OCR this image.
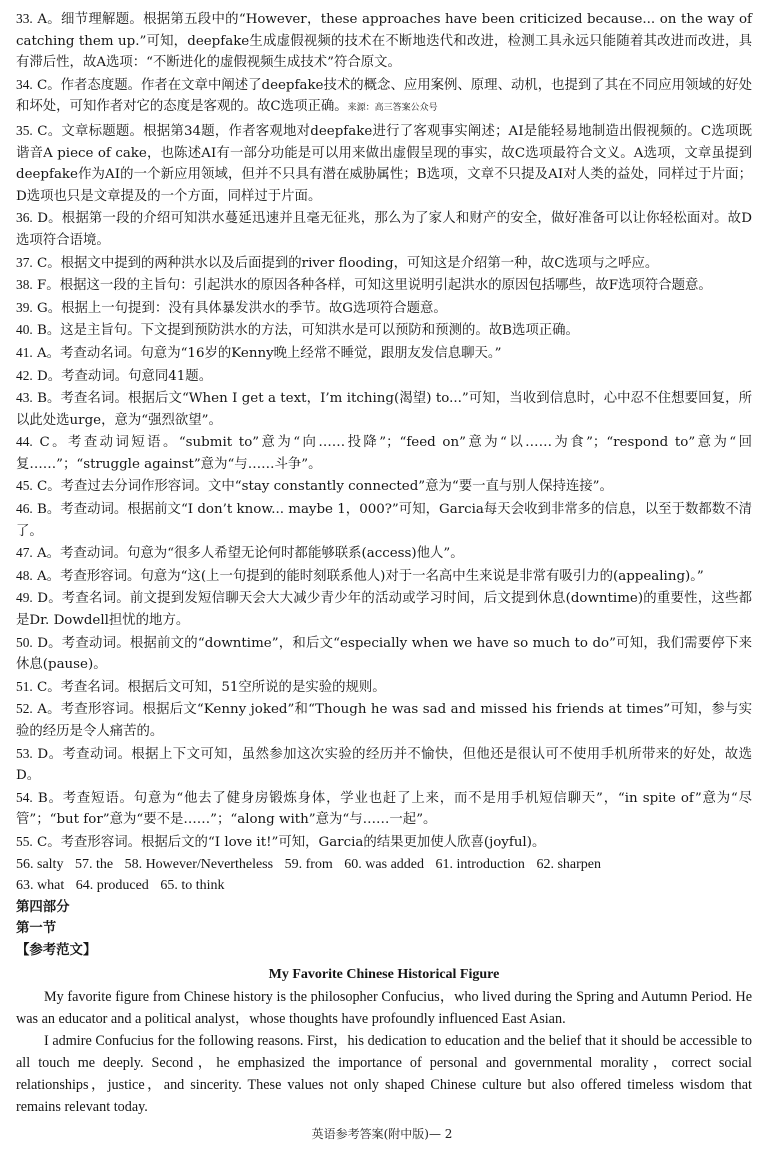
33. A。细节理解题。根据第五段中的“However，these approaches have been criticized because... on the way of catching them up.”可知，deepfake生成虚假视频的技术在不断地迭代和改进，检测工具永远只能随着其改进而改进，具有滞后性，故A选项：“不断进化的虚假视频生成技术”符合原文。

34. C。作者态度题。作者在文章中阐述了deepfake技术的概念、应用案例、原理、动机，也提到了其在不同应用领域的好处和坏处，可知作者对它的态度是客观的。故C选项正确。来源：高三答案公众号

35. C。文章标题题。根据第34题，作者客观地对deepfake进行了客观事实阐述；AI是能轻易地制造出假视频的。C选项既谐音A piece of cake，也陈述AI有一部分功能是可以用来做出虚假呈现的事实，故C选项最符合文义。A选项，文章虽提到deepfake作为AI的一个新应用领域，但并不只具有潜在威胁属性；B选项，文章不只提及AI对人类的益处，同样过于片面；D选项也只是文章提及的一个方面，同样过于片面。

36. D。根据第一段的介绍可知洪水蔓延迅速并且毫无征兆，那么为了家人和财产的安全，做好准备可以让你轻松面对。故D选项符合语境。

37. C。根据文中提到的两种洪水以及后面提到的river flooding，可知这是介绍第一种，故C选项与之呼应。

38. F。根据这一段的主旨句：引起洪水的原因各种各样，可知这里说明引起洪水的原因包括哪些，故F选项符合题意。

39. G。根据上一句提到：没有具体暴发洪水的季节。故G选项符合题意。

40. B。这是主旨句。下文提到预防洪水的方法，可知洪水是可以预防和预测的。故B选项正确。

41. A。考查动名词。句意为“16岁的Kenny晚上经常不睡觉，跟朋友发信息聊天。”

42. D。考查动词。句意同41题。

43. B。考查名词。根据后文“When I get a text，I’m itching(渴望) to...”可知，当收到信息时，心中忍不住想要回复，所以此处选urge，意为“强烈欲望”。

44. C。考查动词短语。“submit to”意为“向……投降”；“feed on”意为“以……为食”；“respond to”意为“回复……”；“struggle against”意为“与……斗争”。

45. C。考查过去分词作形容词。文中“stay constantly connected”意为“要一直与别人保持连接”。

46. B。考查动词。根据前文“I don’t know... maybe 1，000?”可知，Garcia每天会收到非常多的信息，以至于数都数不清了。

47. A。考查动词。句意为“很多人希望无论何时都能够联系(access)他人”。

48. A。考查形容词。句意为“这(上一句提到的能时刻联系他人)对于一名高中生来说是非常有吸引力的(appealing)。”

49. D。考查名词。前文提到发短信聊天会大大减少青少年的活动或学习时间，后文提到休息(downtime)的重要性，这些都是Dr. Dowdell担忧的地方。

50. D。考查动词。根据前文的“downtime”，和后文“especially when we have so much to do”可知，我们需要停下来休息(pause)。

51. C。考查名词。根据后文可知，51空所说的是实验的规则。

52. A。考查形容词。根据后文“Kenny joked”和“Though he was sad and missed his friends at times”可知，参与实验的经历是令人痛苦的。

53. D。考查动词。根据上下文可知，虽然参加这次实验的经历并不愉快，但他还是很认可不使用手机所带来的好处，故选D。

54. B。考查短语。句意为“他去了健身房锻炼身体，学业也赶了上来，而不是用手机短信聊天”，“in spite of”意为“尽管”；“but for”意为“要不是……”；“along with”意为“与……一起”。

55. C。考查形容词。根据后文的“I love it!”可知，Garcia的结果更加使人欣喜(joyful)。

56. salty 57. the 58. However/Nevertheless 59. from 60. was added 61. introduction 62. sharpen

63. what 64. produced 65. to think

第四部分

第一节

【参考范文】

My Favorite Chinese Historical Figure

My favorite figure from Chinese history is the philosopher Confucius，who lived during the Spring and Autumn Period. He was an educator and a political analyst，whose thoughts have profoundly influenced East Asian.

I admire Confucius for the following reasons. First，his dedication to education and the belief that it should be accessible to all touch me deeply. Second，he emphasized the importance of personal and governmental morality，correct social relationships，justice，and sincerity. These values not only shaped Chinese culture but also offered timeless wisdom that remains relevant today.

英语参考答案(附中版)— 2
